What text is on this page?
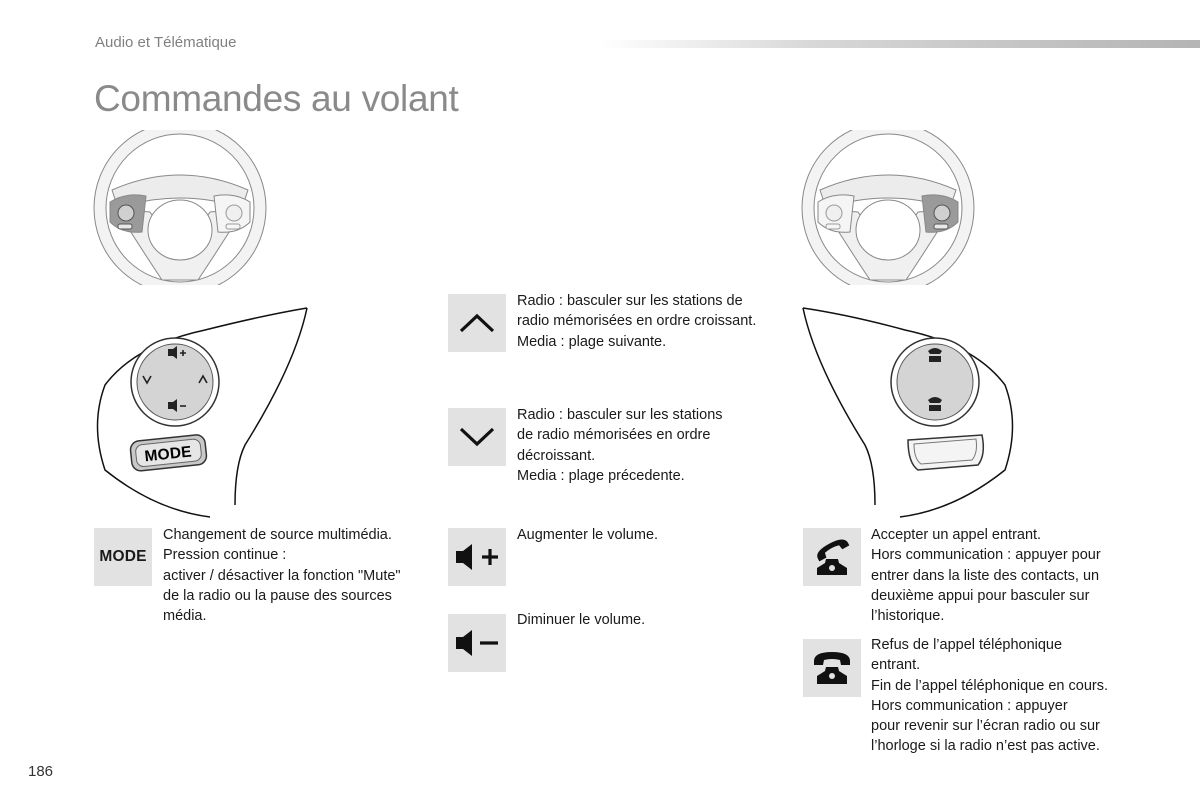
Audio et Télématique
Commandes au volant
MODE
Radio : basculer sur les stations de
radio mémorisées en ordre croissant.
Media : plage suivante.
Radio : basculer sur les stations
de radio mémorisées en ordre
décroissant.
Media : plage précedente.
MODE
Changement de source multimédia.
Pression continue :
activer / désactiver la fonction "Mute"
de la radio ou la pause des sources
média.
Augmenter le volume.
Diminuer le volume.
Accepter un appel entrant.
Hors communication : appuyer pour
entrer dans la liste des contacts, un
deuxième appui pour basculer sur
l’historique.
Refus de l’appel téléphonique
entrant.
Fin de l’appel téléphonique en cours.
Hors communication : appuyer
pour revenir sur l’écran radio ou sur
l’horloge si la radio n’est pas active.
186
